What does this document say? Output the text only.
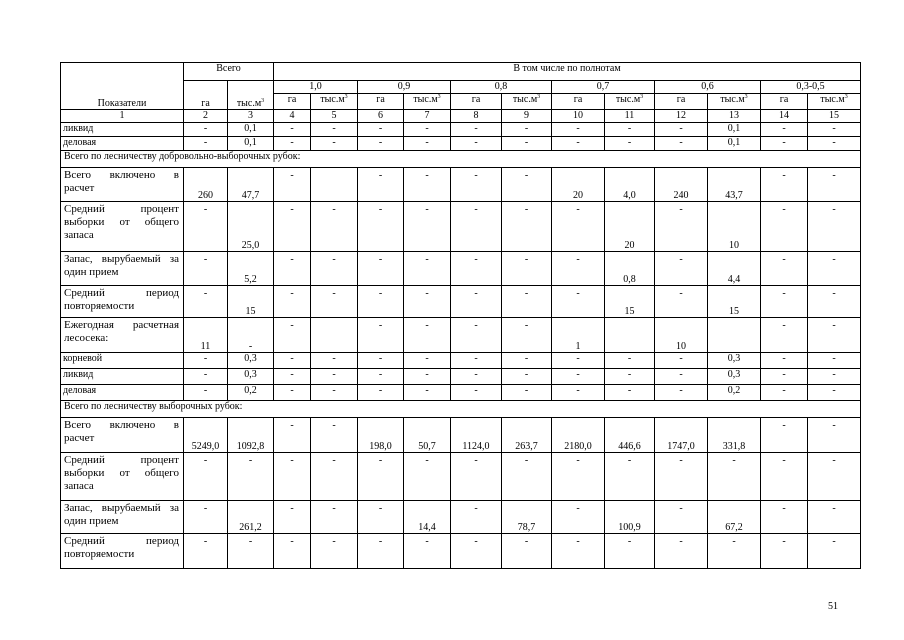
Показатели	Всего		В том числе по полнотам											
	га	$тыс.м^3$	1,0		0,9		0,8		0,7		0,6		0,3-0,5	
			га	$тыс.м^3$	га	$тыс.м^3$	га	$тыс.м^3$	га	$тыс.м^3$	га	$тыс.м^3$	га	$тыс.м^3$
1	2	3	4	5	6	7	8	9	10	11	12	13	14	15
ликвид	-	0,1	-	-	-	-	-	-	-	-	-	0,1	-	-
деловая	-	0,1	-	-	-	-	-	-	-	-	-	0,1	-	-
Всего по лесничеству добровольно-выборочных рубок:														
Всего включено в расчет	260	47,7	-		-	-	-	-	20	4,0	240	43,7	-	-

Средний процент выборки от общего запаса	-	25,0	-	-	-	-	-	-	-	20	-	10	-	-

Запас, вырубаемый за один прием	-	5,2	-	-	-	-	-	-	-	0,8	-	4,4	-	-

Средний период повторяемости	-	15	-	-	-	-	-	-	-	15	-	15	-	-

Ежегодная расчетная лесосека:	11	-	-		-	-	-	-	1		10		-	-

корневой	-	0,3	-	-	-	-	-	-	-	-	-	0,3	-	-
ликвид	-	0,3	-	-	-	-	-	-	-	-	-	0,3	-	-
деловая	-	0,2	-	-	-	-	-	-	-	-	-	0,2	-	-
Всего по лесничеству выборочных рубок:														
Всего включено в расчет	5249,0	1092,8	-	-	198,0	50,7	1124,0	263,7	2180,0	446,6	1747,0	331,8	-	-

Средний процент выборки от общего запаса	-	-	-	-	-	-	-	-	-	-	-	-	-	-

Запас, вырубаемый за один прием	-	261,2	-	-	-	14,4	-	78,7	-	100,9	-	67,2	-	-

Средний период повторяемости	-	-	-	-	-	-	-	-	-	-	-	-	-	-
51
